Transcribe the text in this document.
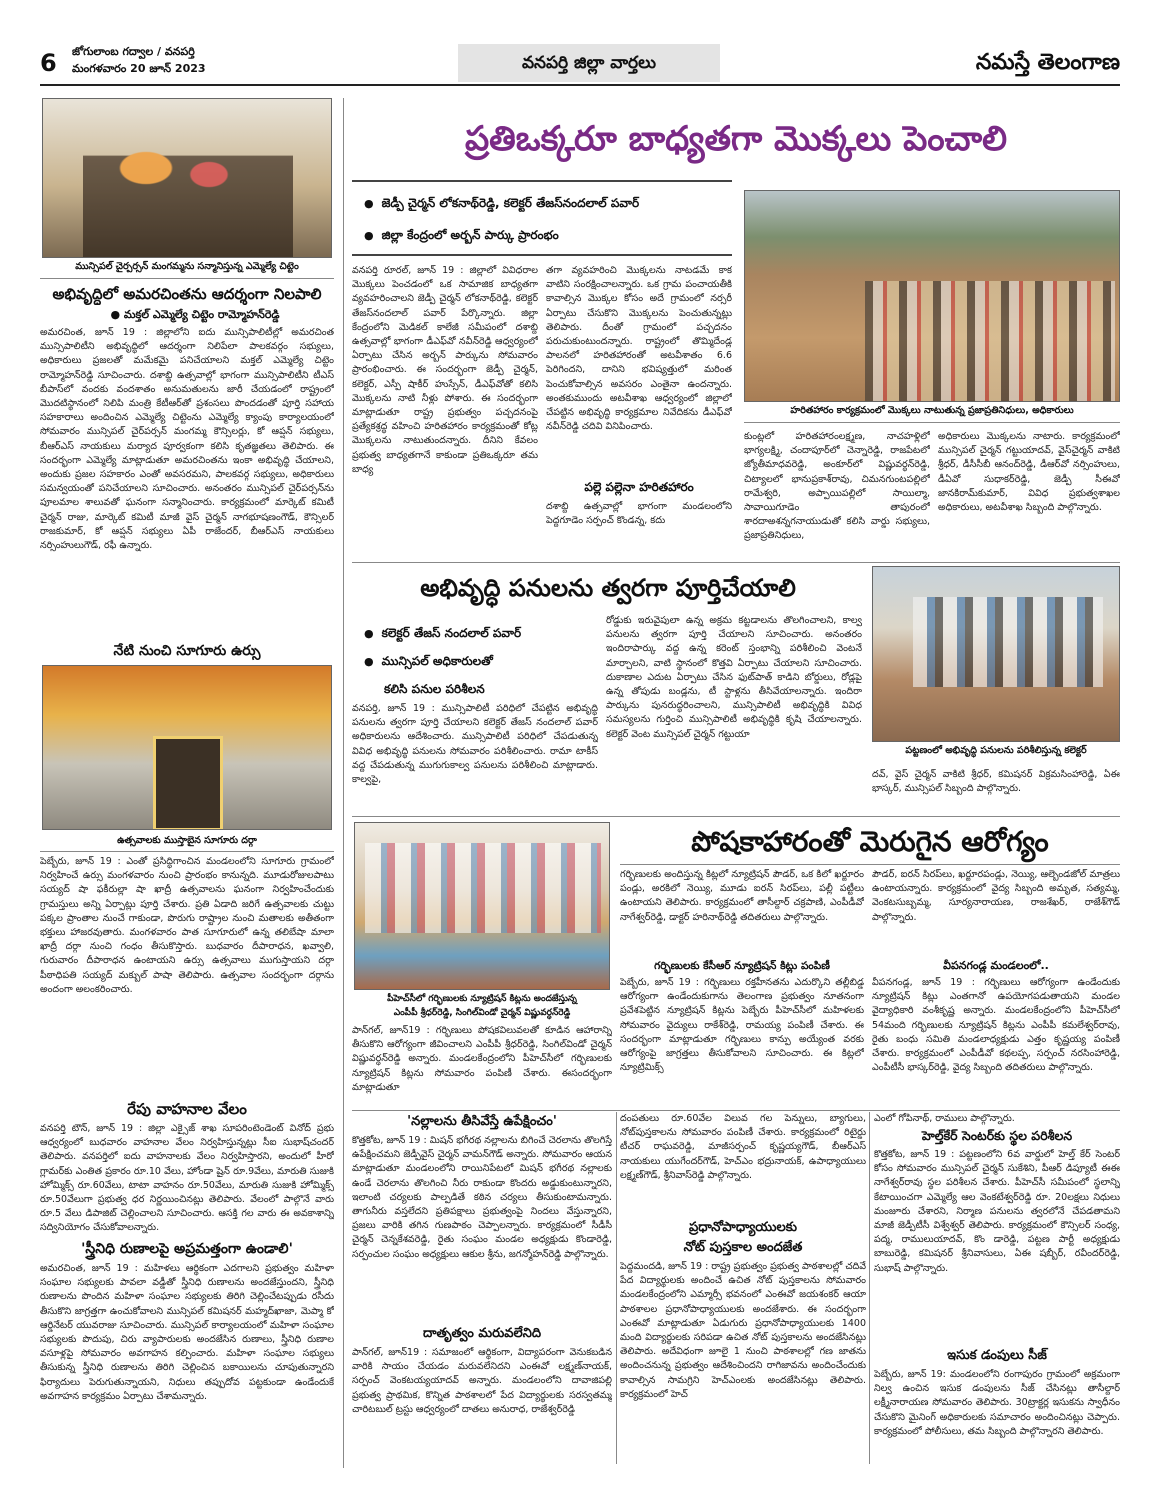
6	జోగులాంబ గద్వాల / వనపర్తి
మంగళవారం 20 జూన్ 2023	వనపర్తి జిల్లా వార్తలు	నమస్తే తెలంగాణ
మున్సిపల్ చైర్పర్సన్ మంగమ్మను సన్మానిస్తున్న ఎమ్మెల్యే చిట్టెం
అభివృద్ధిలో అమరచింతను ఆదర్శంగా నిలపాలి
● మక్తల్ ఎమ్మెల్యే చిట్టెం రామ్మోహన్‌రెడ్డి
అమరచింత, జూన్ 19 : జిల్లాలోని ఐదు మున్సిపాలిటీల్లో అమరచింత మున్సిపాలిటీని అభివృద్ధిలో ఆదర్శంగా నిలిపేలా పాలకవర్గం సభ్యులు, అధికారులు ప్రజలతో మమేకమై పనిచేయాలని మక్తల్ ఎమ్మెల్యే చిట్టెం రామ్మోహన్‌రెడ్డి సూచించారు. దశాబ్ది ఉత్సవాల్లో భాగంగా మున్సిపాలిటీని టీఎస్ బీపాస్‌లో వందకు వందశాతం అనుమతులను జారీ చేయడంలో రాష్ట్రంలో మొదటిస్థానంలో నిలిపి మంత్రి కేటీఆర్‌తో ప్రశంసలు పొందడంతో పూర్తి సహాయ సహకారాలు అందించిన ఎమ్మెల్యే చిట్టెంను ఎమ్మెల్యే క్యాంపు కార్యాలయంలో సోమవారం మున్సిపల్ చైర్‌పర్సన్ మంగమ్మ కౌన్సిలర్లు, కో ఆప్షన్ సభ్యులు, బీఆర్ఎస్ నాయకులు మర్యాద పూర్వకంగా కలిసి కృతజ్ఞతలు తెలిపారు. ఈ సందర్భంగా ఎమ్మెల్యే మాట్లాడుతూ అమరచింతను ఇంకా అభివృద్ధి చేయాలని, అందుకు ప్రజల సహకారం ఎంతో అవసరమని, పాలకవర్గ సభ్యులు, అధికారులు సమన్వయంతో పనిచేయాలని సూచించారు. అనంతరం మున్సిపల్ చైర్‌పర్సన్‌ను పూలమాల శాలువతో ఘనంగా సన్మానించారు. కార్యక్రమంలో మార్కెట్ కమిటీ చైర్మన్ రాజు, మార్కెట్ కమిటీ మాజీ వైస్ చైర్మన్ నాగభూషణంగౌడ్, కౌన్సిలర్ రాజకుమార్, కో ఆప్షన్ సభ్యులు ఏపీ రాజేందర్, బీఆర్ఎస్ నాయకులు నర్సింహులుగౌడ్, రఫీ ఉన్నారు.
నేటి నుంచి సూగూరు ఉర్సు
ఉత్సవాలకు ముస్తాబైన సూగూరు దర్గా
పెబ్బేరు, జూన్ 19 : ఎంతో ప్రసిద్ధిగాంచిన మండలంలోని సూగూరు గ్రామంలో నిర్వహించే ఉర్సు మంగళవారం నుంచి ప్రారంభం కానున్నది. మూడురోజులపాటు సయ్యద్ షా ఫకీరుల్లా షా ఖాద్రీ ఉత్సవాలను ఘనంగా నిర్వహించేందుకు గ్రామస్తులు అన్ని ఏర్పాట్లు పూర్తి చేశారు. ప్రతి ఏడాది జరిగే ఉత్సవాలకు చుట్టు పక్కల ప్రాంతాల నుంచే గాకుండా, పొరుగు రాష్ట్రాల నుంచి మతాలకు అతీతంగా భక్తులు హాజరవుతారు. మంగళవారం పాత సూగూరులో ఉన్న తలిబేషా మాలా ఖాద్రీ దర్గా నుంచి గంధం తీసుకొస్తారు. బుధవారం దీపారాధన, ఖవ్వాలి, గురువారం దీపారాధన ఉంటాయని ఉర్సు ఉత్సవాలు ముగుస్తాయని దర్గా పీఠాధిపతి సయ్యద్ మక్బుల్ పాషా తెలిపారు. ఉత్సవాల సందర్భంగా దర్గాను అందంగా అలంకరించారు.
రేపు వాహనాల వేలం
వనపర్తి టౌన్, జూన్ 19 : జిల్లా ఎక్సైజ్ శాఖ సూపరింటెండెంట్ వినోద్ ప్రభు ఆధ్వర్యంలో బుధవారం వాహనాల వేలం నిర్వహిస్తున్నట్లు సీఐ సుభాష్‌చందర్ తెలిపారు. వనపర్తిలో ఐదు వాహనాలకు వేలం నిర్వహిస్తారని, అందులో హీరో గ్లామర్‌కు ఎంతిత ప్రకారం రూ.10 వేలు, హోండా షైన్ రూ.9వేలు, మారుతి సుజుకి హోమ్మిక్స్ రూ.60వేలు, టాటా వాహనం రూ.50వేలు, మారుతి సుజుకి హోమ్మిక్స్ రూ.50వేలుగా ప్రభుత్వ ధర నిర్ణయించినట్లు తెలిపారు. వేలంలో పాల్గొనే వారు రూ.5 వేలు డిపాజిట్ చెల్లించాలని సూచించారు. ఆసక్తి గల వారు ఈ అవకాశాన్ని సద్వినియోగం చేసుకోవాలన్నారు.
'స్త్రీనిధి రుణాలపై అప్రమత్తంగా ఉండాలి'
అమరచింత, జూన్ 19 : మహిళలు ఆర్థికంగా ఎదగాలని ప్రభుత్వం మహిళా సంఘాల సభ్యులకు పావలా వడ్డీతో స్త్రీనిధి రుణాలను అందజేస్తుందని, స్త్రీనిధి రుణాలను పొందిన మహిళా సంఘాల సభ్యులకు తిరిగి చెల్లించేటప్పుడు రసీదు తీసుకొని జాగ్రత్తగా ఉంచుకోవాలని మున్సిపల్ కమిషనర్ మహ్మద్‌ఖాజా, మెప్మా కో ఆర్డినేటర్ యువరాజు సూచించారు. మున్సిపల్ కార్యాలయంలో మహిళా సంఘాల సభ్యులకు పొదుపు, చిరు వ్యాపారులకు అందజేసిన రుణాలు, స్త్రీనిధి రుణాల వసూళ్లపై సోమవారం అవగాహన కల్పించారు. మహిళా సంఘాల సభ్యులు తీసుకున్న స్త్రీనిధి రుణాలను తిరిగి చెల్లించిన బకాయిలను చూపుతున్నారని ఫిర్యాదులు పెరుగుతున్నాయని, నిధులు తప్పుదోవ పట్టకుండా ఉండేందుకే అవగాహన కార్యక్రమం ఏర్పాటు చేశామన్నారు.
ప్రతిఒక్కరూ బాధ్యతగా మొక్కలు పెంచాలి
● జెడ్పీ చైర్మన్ లోకనాథ్‌రెడ్డి, కలెక్టర్ తేజస్‌నందలాల్ పవార్
● జిల్లా కేంద్రంలో అర్బన్ పార్కు ప్రారంభం
హరితహారం కార్యక్రమంలో మొక్కలు నాటుతున్న ప్రజాప్రతినిధులు, అధికారులు
వనపర్తి రూరల్, జూన్ 19 : జిల్లాలో వివిధరాల మొక్కలు పెంచడంలో ఒక సామాజిక బాధ్యతగా వ్యవహరించాలని జెడ్పీ చైర్మన్ లోకనాథ్‌రెడ్డి, కలెక్టర్ తేజస్‌నందలాల్ పవార్ పేర్కొన్నారు. జిల్లా కేంద్రంలోని మెడికల్ కాలేజీ సమీపంలో దశాబ్ది ఉత్సవాల్లో భాగంగా డీఎఫ్‌వో నవీన్‌రెడ్డి ఆధ్వర్యంలో ఏర్పాటు చేసిన అర్బన్ పార్కును సోమవారం ప్రారంభించారు. ఈ సందర్భంగా జెడ్పీ చైర్మన్, కలెక్టర్, ఎస్పీ షాకీర్ హుస్సేన్, డీఎఫ్‌వోతో కలిసి మొక్కలను నాటి నీళ్లు పోశారు. ఈ సందర్భంగా మాట్లాడుతూ రాష్ట్ర ప్రభుత్వం పచ్చదనంపై ప్రత్యేకశ్రద్ధ వహించి హరితహారం కార్యక్రమంతో కోట్ల మొక్కలను నాటుతుందన్నారు. దీనిని కేవలం ప్రభుత్వ బాధ్యతగానే కాకుండా ప్రతిఒక్కరూ తమ బాధ్య
తగా వ్యవహరించి మొక్కలను నాటడమే కాక వాటిని సంరక్షించాలన్నారు. ఒక గ్రామ పంచాయతీకి కావాల్సిన మొక్కల కోసం అదే గ్రామంలో నర్సరీ ఏర్పాటు చేసుకొని మొక్కలను పెంచుతున్నట్లు తెలిపారు. దీంతో గ్రామంలో పచ్చదనం పరుచుకుంటుందన్నారు. రాష్ట్రంలో తొమ్మిదేండ్ల పాలనలో హరితహారంతో అటవీశాతం 6.6 పెరిగిందని, దానిని భవిష్యత్తులో మరింత పెంచుకోవాల్సిన అవసరం ఎంతైనా ఉందన్నారు. అంతకుముందు అటవీశాఖ ఆధ్వర్యంలో జిల్లాలో చేపట్టిన అభివృద్ధి కార్యక్రమాల నివేదికను డీఎఫ్‌వో నవీన్‌రెడ్డి చదివి వినిపించారు.
పల్లె పల్లెనా హరితహారం
దశాబ్ది ఉత్సవాల్లో భాగంగా మండలంలోని పెద్దగూడెం సర్పంచ్ కొండన్న, కదు
కుంట్లలో హరితహారంలక్ష్మణ, నాచహళ్లిలో భాగ్యలక్ష్మి, చందాపూర్‌లో చెన్నారెడ్డి, రాజపేటలో జ్యోతీమాధవరెడ్డి, అంకూర్‌లో విష్ణువర్ధన్‌రెడ్డి, చిట్యాలలో భానుప్రకాశ్‌రావు, చిమనగుంటపల్లిలో రామేశ్వరి, అప్పాయిపల్లిలో సాయిల్మా, సావాయిగూడెం తాపురంలో శారదాఅశన్నగనాయుడుతో కలిసి వార్డు సభ్యులు, ప్రజాప్రతినిధులు,
అధికారులు మొక్కలను నాటారు. కార్యక్రమంలో మున్సిపల్ చైర్మన్ గట్టుయాదవ్, వైస్‌చైర్మన్ వాకిటి శ్రీధర్, డీసీసీబీ ఆనంద్‌రెడ్డి, డీఆర్‌వో నర్సింహులు, డీఏవో సుధాకర్‌రెడ్డి, జెడ్పీ సీఈవో జానకిరామ్‌కుమార్, వివిధ ప్రభుత్వశాఖల అధికారులు, అటవీశాఖ సిబ్బంది పాల్గొన్నారు.
అభివృద్ధి పనులను త్వరగా పూర్తిచేయాలి
● కలెక్టర్ తేజస్ నందలాల్ పవార్
● మున్సిపల్ అధికారులతో
కలిసి పనుల పరిశీలన
వనపర్తి, జూన్ 19 : మున్సిపాలిటీ పరిధిలో చేపట్టిన అభివృద్ధి పనులను త్వరగా పూర్తి చేయాలని కలెక్టర్ తేజస్ నందలాల్ పవార్ అధికారులను ఆదేశించారు. మున్సిపాలిటీ పరిధిలో చేపడుతున్న వివిధ అభివృద్ధి పనులను సోమవారం పరిశీలించారు. రామా టాకీస్ వద్ద చేపడుతున్న ముగుగుకాల్వ పనులను పరిశీలించి మాట్లాడారు. కాల్వపై,
రోడ్డుకు ఇరువైపులా ఉన్న అక్రమ కట్టడాలను తొలగించాలని, కాల్వ పనులను త్వరగా పూర్తి చేయాలని సూచించారు. అనంతరం ఇందిరాపార్కు వద్ద ఉన్న కరెంట్ స్తంభాన్ని పరిశీలించి వెంటనే మార్చాలని, వాటి స్థానంలో కొత్తవి ఏర్పాటు చేయాలని సూచించారు. దుకాణాల ఎదుట ఏర్పాటు చేసిన ఫుట్‌పాత్ కాడిని బోర్డులు, రోడ్లపై ఉన్న తోపుడు బండ్లను, టీ స్టాళ్లను తీసివేయాలన్నారు. ఇందిరా పార్కును పునరుద్ధరించాలని, మున్సిపాలిటీ అభివృద్ధికి వివిధ సమస్యలను గుర్తించి మున్సిపాలిటీ అభివృద్ధికి కృషి చేయాలన్నారు. కలెక్టర్ వెంట మున్సిపల్ చైర్మన్ గట్టుయా
పట్టణంలో అభివృద్ధి పనులను పరిశీలిస్తున్న కలెక్టర్
దవ్, వైస్ చైర్మన్ వాకిటి శ్రీధర్, కమిషనర్ విక్రమసింహారెడ్డి, ఏఈ భాస్కర్, మున్సిపల్ సిబ్బంది పాల్గొన్నారు.
పీహెచ్‌సీలో గర్భిణులకు న్యూట్రిషన్ కిట్లను అందజేస్తున్న
ఎంపీపీ శ్రీధర్‌రెడ్డి, సింగిల్‌విండో చైర్మన్ విష్ణువర్ధన్‌రెడ్డి
పాన్‌గల్, జూన్19 : గర్భిణులు పోషకవిలువలతో కూడిన ఆహారాన్ని తీసుకొని ఆరోగ్యంగా జీవించాలని ఎంపీపీ శ్రీధర్‌రెడ్డి, సింగిల్‌విండో చైర్మన్ విష్ణువర్ధన్‌రెడ్డి అన్నారు. మండలకేంద్రంలోని పీహెచ్‌సీలో గర్భిణులకు న్యూట్రిషన్ కిట్లను సోమవారం పంపిణీ చేశారు. ఈసందర్భంగా మాట్లాడుతూ
పోషకాహారంతో మెరుగైన ఆరోగ్యం
గర్భిణులకు అందిస్తున్న కిట్లలో న్యూట్రిషన్ పౌడర్, ఒక కిలో ఖర్జూరం పండ్లు, అరకిలో నెయ్యి, మూడు ఐరన్ సిరప్‌లు, పల్లీ పట్టీలు ఉంటాయని తెలిపారు. కార్యక్రమంలో తాసీల్దార్ చక్రపాణి, ఎంపీడీవో నాగేశ్వర్‌రెడ్డి, డాక్టర్ హరినాథ్‌రెడ్డి తదితరులు పాల్గొన్నారు.
గర్భిణులకు కేసీఆర్ న్యూట్రిషన్ కిట్లు పంపిణీ
పెబ్బేరు, జూన్ 19 : గర్భిణులు రక్తహీనతను ఎదుర్కొని తల్లీబిడ్డ ఆరోగ్యంగా ఉండేందుకుగాను తెలంగాణ ప్రభుత్వం నూతనంగా ప్రవేశపెట్టిన న్యూట్రిషన్ కిట్లను పెబ్బేరు పీహెచ్‌సీలో మహిళలకు సోమవారం వైద్యులు రాకేశ్‌రెడ్డి, రామయ్య పంపిణీ చేశారు. ఈ సందర్భంగా మాట్లాడుతూ గర్భిణులు కాన్పు అయ్యేంత వరకు ఆరోగ్యంపై జాగ్రత్తలు తీసుకోవాలని సూచించారు. ఈ కిట్లలో న్యూట్రిమిక్స్
పౌడర్, ఐరన్ సిరప్‌లు, ఖర్జూరపండ్లు, నెయ్యి, ఆల్బెండజోల్ మాత్రలు ఉంటాయన్నారు. కార్యక్రమంలో వైద్య సిబ్బంది అమృత, సత్యమ్మ, వెంకటసుబ్బమ్మ, సూర్యనారాయణ, రాజశేఖర్, రాజేశ్‌గౌడ్ పాల్గొన్నారు.
వీపనగండ్ల మండలంలో..
వీపనగండ్ల, జూన్ 19 : గర్భిణులు ఆరోగ్యంగా ఉండేందుకు న్యూట్రిషన్ కిట్లు ఎంతగానో ఉపయోగపడుతాయని మండల వైద్యాధికారి వంశీకృష్ణ అన్నారు. మండలకేంద్రంలోని పీహెచ్‌సీలో 54మంది గర్భిణులకు న్యూట్రిషన్ కిట్లను ఎంపీపీ కమలేశ్వర్‌రావు, రైతు బంధు సమితి మండలాధ్యక్షుడు ఎత్తం కృష్ణయ్య పంపిణీ చేశారు. కార్యక్రమంలో ఎంపీడీవో కథలప్ప, సర్పంచ్ నరసింహారెడ్డి, ఎంపీటీసీ భాస్కర్‌రెడ్డి, వైద్య సిబ్బంది తదితరులు పాల్గొన్నారు.
'నల్లాలను తీసివేస్తే ఉపేక్షించం'
కొత్తకోట, జూన్ 19 : మిషన్ భగీరథ నల్లాలను బిగించే చెరలాను తొలగిస్తే ఉపేక్షించమని జెడ్పీవైస్ చైర్మన్ వామన్‌గౌడ్ అన్నారు. సోమవారం ఆయన మాట్లాడుతూ మండలంలోని రాయినిపేటలో మిషన్ భగీరథ నల్లాలకు ఉండే చెరలాను తొలగించి నీరు రాకుండా కొందరు అడ్డుకుంటున్నారని, ఇలాంటి చర్యలకు పాల్పడితే కఠిన చర్యలు తీసుకుంటామన్నారు. తాగునీరు వస్తలేదని ప్రతిపక్షాలు ప్రభుత్వంపై నిందలు వేస్తున్నారని, ప్రజలు వారికి తగిన గుణపాఠం చెప్పాలన్నారు. కార్యక్రమంలో సీడీసీ చైర్మన్ చెన్నకేశవరెడ్డి, రైతు సంఘం మండల అధ్యక్షుడు కొండారెడ్డి, సర్పంచుల సంఘం అధ్యక్షులు ఆకుల శ్రీను, జగన్మోహన్‌రెడ్డి పాల్గొన్నారు.
దాతృత్వం మరువలేనిది
పాన్‌గల్, జూన్19 : సమాజంలో ఆర్థికంగా, విద్యాపరంగా వెనుకబడిన వారికి సాయం చేయడం మరువలేనిదని ఎంఈవో లక్ష్మణ్‌నాయక్, సర్పంచ్ వెంకటయ్యయాదవ్ అన్నారు. మండలంలోని దావాజిపల్లి ప్రభుత్వ ప్రాథమిక, కొన్నిత పాఠశాలలో పేద విద్యార్థులకు సరస్వతమ్మ చారిటబుల్ ట్రస్టు ఆధ్వర్యంలో దాతలు అనురాధ, రాజేశ్వర్‌రెడ్డి
దంపతులు రూ.60వేల విలువ గల పెన్నులు, బ్యాగులు, నోట్‌పుస్తకాలను సోమవారం పంపిణీ చేశారు. కార్యక్రమంలో రిటైర్డు టీచర్ రాఘవరెడ్డి, మాజీసర్పంచ్ కృష్ణయ్యగౌడ్, బీఆర్ఎస్ నాయకులు యుగేందర్‌గౌడ్, హెచ్‌ఎం భద్రునాయక్, ఉపాధ్యాయులు లక్ష్మణ్‌గౌడ్, శ్రీనివాస్‌రెడ్డి పాల్గొన్నారు.
ప్రధానోపాధ్యాయులకు
నోట్ పుస్తకాల అందజేత
పెద్దమందడి, జూన్ 19 : రాష్ట్ర ప్రభుత్వం ప్రభుత్వ పాఠశాలల్లో చదివే పేద విద్యార్థులకు అందించే ఉచిత నోట్ పుస్తకాలను సోమవారం మండలకేంద్రంలోని ఎమ్మార్సీ భవనంలో ఎంఈవో జయశంకర్ ఆయా పాఠశాలల ప్రధానోపాధ్యాయులకు అందజేశారు. ఈ సందర్భంగా ఎంఈవో మాట్లాడుతూ ఏడుగురు ప్రధానోపాధ్యాయులకు 1400 మంది విద్యార్థులకు సరిపడా ఉచిత నోట్ పుస్తకాలను అందజేసినట్లు తెలిపారు. అదేవిధంగా జూలై 1 నుంచి పాఠశాలల్లో గణ జాతను అందించనున్న ప్రభుత్వం ఆదేశించిందని రాగిజావను అందించేందుకు కావాల్సిన సామగ్రిని హెచ్‌ఎంలకు అందజేసినట్లు తెలిపారు. కార్యక్రమంలో హెచ్
ఎంలో గోపినాథ్, రాములు పాల్గొన్నారు.
హెల్త్‌కేర్ సెంటర్‌కు స్థల పరిశీలన
కొత్తకోట, జూన్ 19 : పట్టణంలోని 6వ వార్డులో హెల్త్ కేర్ సెంటర్ కోసం సోమవారం మున్సిపల్ చైర్మన్ సుకేశిని, పీఆర్ డిప్యూటీ ఈఈ నాగేశ్వర్‌రావు స్థల పరిశీలన చేశారు. పీహెచ్‌సీ సమీపంలో స్థలాన్ని కేటాయించగా ఎమ్మెల్యే ఆల వెంకటేశ్వర్‌రెడ్డి రూ. 20లక్షలు నిధులు మంజూరు చేశారని, నిర్మాణ పనులను త్వరలోనే చేపడతామని మాజీ జెడ్పీటీసీ విశ్వేశ్వర్ తెలిపారు. కార్యక్రమంలో కౌన్సిలర్ సంధ్య, పద్మ, రాములుయాదవ్, కొం డారెడ్డి, పట్టణ పార్టీ అధ్యక్షుడు బాబురెడ్డి, కమిషనర్ శ్రీనివాసులు, ఏఈ షబ్బీర్, రవీందర్‌రెడ్డి, సుభాష్ పాల్గొన్నారు.
ఇసుక డంపులు సీజ్
పెబ్బేరు, జూన్ 19: మండలంలోని రంగాపురం గ్రామంలో అక్రమంగా నిల్వ ఉంచిన ఇసుక డంపులను సీజ్ చేసినట్లు తాసీల్దార్ లక్ష్మీనారాయణ సోమవారం తెలిపారు. 30ట్రాక్టర్ల ఇసుకను స్వాధీనం చేసుకొని మైనింగ్ అధికారులకు సమాచారం అందించినట్లు చెప్పారు. కార్యక్రమంలో పోలీసులు, తమ సిబ్బంది పాల్గొన్నారని తెలిపారు.
